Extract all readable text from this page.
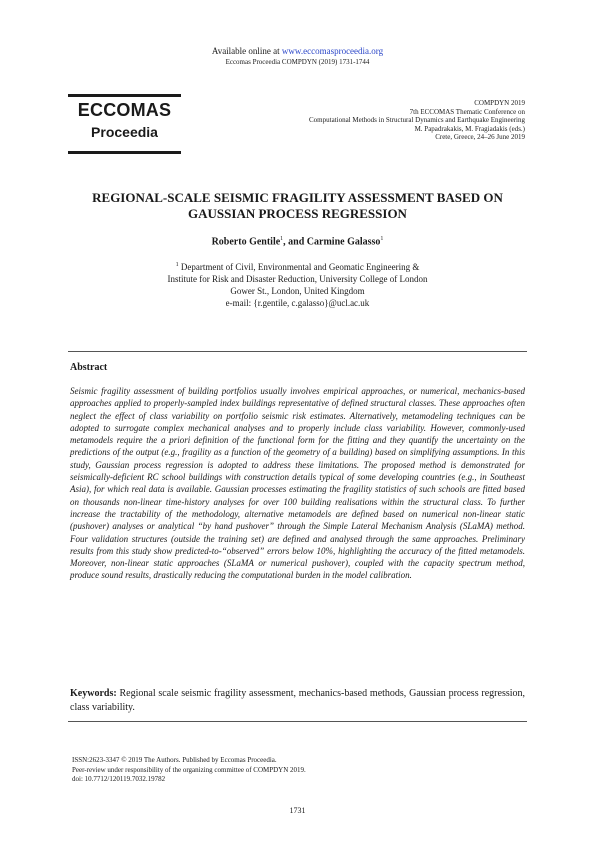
Available online at www.eccomasproceedia.org
Eccomas Proceedia COMPDYN (2019) 1731-1744
ECCOMAS
Proceedia
COMPDYN 2019
7th ECCOMAS Thematic Conference on
Computational Methods in Structural Dynamics and Earthquake Engineering
M. Papadrakakis, M. Fragiadakis (eds.)
Crete, Greece, 24–26 June 2019
REGIONAL-SCALE SEISMIC FRAGILITY ASSESSMENT BASED ON
GAUSSIAN PROCESS REGRESSION
Roberto Gentile$^1$, and Carmine Galasso$^1$
$^1$ Department of Civil, Environmental and Geomatic Engineering &
Institute for Risk and Disaster Reduction, University College of London
Gower St., London, United Kingdom
e-mail: {r.gentile, c.galasso}@ucl.ac.uk
Abstract
Seismic fragility assessment of building portfolios usually involves empirical approaches, or numerical, mechanics-based approaches applied to properly-sampled index buildings representative of defined structural classes. These approaches often neglect the effect of class variability on portfolio seismic risk estimates. Alternatively, metamodeling techniques can be adopted to surrogate complex mechanical analyses and to properly include class variability. However, commonly-used metamodels require the a priori definition of the functional form for the fitting and they quantify the uncertainty on the predictions of the output (e.g., fragility as a function of the geometry of a building) based on simplifying assumptions. In this study, Gaussian process regression is adopted to address these limitations. The proposed method is demonstrated for seismically-deficient RC school buildings with construction details typical of some developing countries (e.g., in Southeast Asia), for which real data is available. Gaussian processes estimating the fragility statistics of such schools are fitted based on thousands non-linear time-history analyses for over 100 building realisations within the structural class. To further increase the tractability of the methodology, alternative metamodels are defined based on numerical non-linear static (pushover) analyses or analytical “by hand pushover” through the Simple Lateral Mechanism Analysis (SLaMA) method. Four validation structures (outside the training set) are defined and analysed through the same approaches. Preliminary results from this study show predicted-to-“observed” errors below 10%, highlighting the accuracy of the fitted metamodels. Moreover, non-linear static approaches (SLaMA or numerical pushover), coupled with the capacity spectrum method, produce sound results, drastically reducing the computational burden in the model calibration.
Keywords: Regional scale seismic fragility assessment, mechanics-based methods, Gaussian process regression, class variability.
ISSN:2623-3347 © 2019 The Authors. Published by Eccomas Proceedia.
Peer-review under responsibility of the organizing committee of COMPDYN 2019.
doi: 10.7712/120119.7032.19782
1731
